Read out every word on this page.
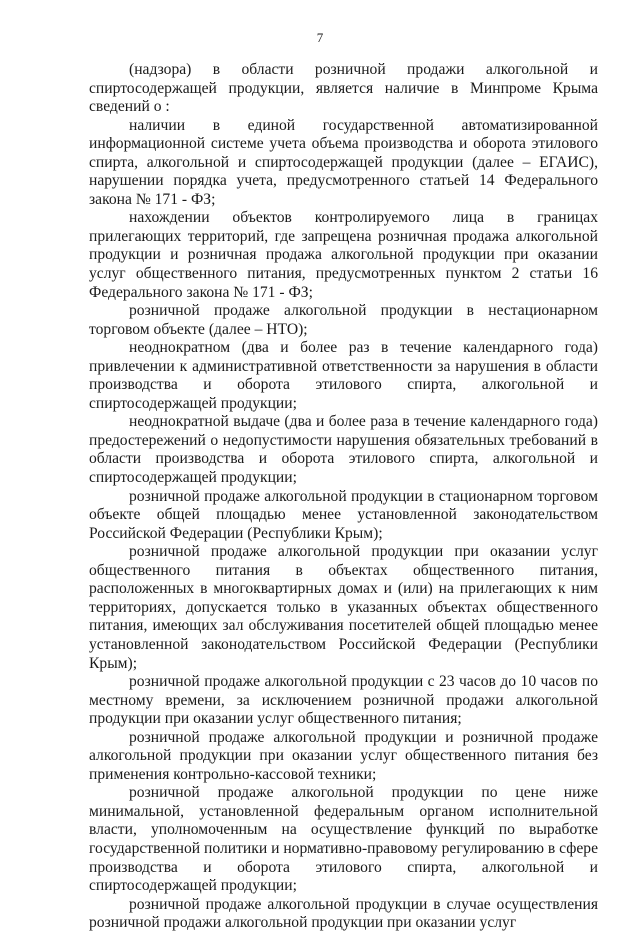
7

(надзора) в области розничной продажи алкогольной и спиртосодержащей продукции, является наличие в Минпроме Крыма сведений о :

наличии в единой государственной автоматизированной информационной системе учета объема производства и оборота этилового спирта, алкогольной и спиртосодержащей продукции (далее – ЕГАИС), нарушении порядка учета, предусмотренного статьей 14 Федерального закона № 171 - ФЗ;

нахождении объектов контролируемого лица в границах прилегающих территорий, где запрещена розничная продажа алкогольной продукции и розничная продажа алкогольной продукции при оказании услуг общественного питания, предусмотренных пунктом 2 статьи 16 Федерального закона № 171 - ФЗ;

розничной продаже алкогольной продукции в нестационарном торговом объекте (далее – НТО);

неоднократном (два и более раз в течение календарного года) привлечении к административной ответственности за нарушения в области производства и оборота этилового спирта, алкогольной и спиртосодержащей продукции;

неоднократной выдаче (два и более раза в течение календарного года) предостережений о недопустимости нарушения обязательных требований в области производства и оборота этилового спирта, алкогольной и спиртосодержащей продукции;

розничной продаже алкогольной продукции в стационарном торговом объекте общей площадью менее установленной законодательством Российской Федерации (Республики Крым);

розничной продаже алкогольной продукции при оказании услуг общественного питания в объектах общественного питания, расположенных в многоквартирных домах и (или) на прилегающих к ним территориях, допускается только в указанных объектах общественного питания, имеющих зал обслуживания посетителей общей площадью менее установленной законодательством Российской Федерации (Республики Крым);

розничной продаже алкогольной продукции с 23 часов до 10 часов по местному времени, за исключением розничной продажи алкогольной продукции при оказании услуг общественного питания;

розничной продаже алкогольной продукции и розничной продаже алкогольной продукции при оказании услуг общественного питания без применения контрольно-кассовой техники;

розничной продаже алкогольной продукции по цене ниже минимальной, установленной федеральным органом исполнительной власти, уполномоченным на осуществление функций по выработке государственной политики и нормативно-правовому регулированию в сфере производства и оборота этилового спирта, алкогольной и спиртосодержащей продукции;

розничной продаже алкогольной продукции в случае осуществления розничной продажи алкогольной продукции при оказании услуг
